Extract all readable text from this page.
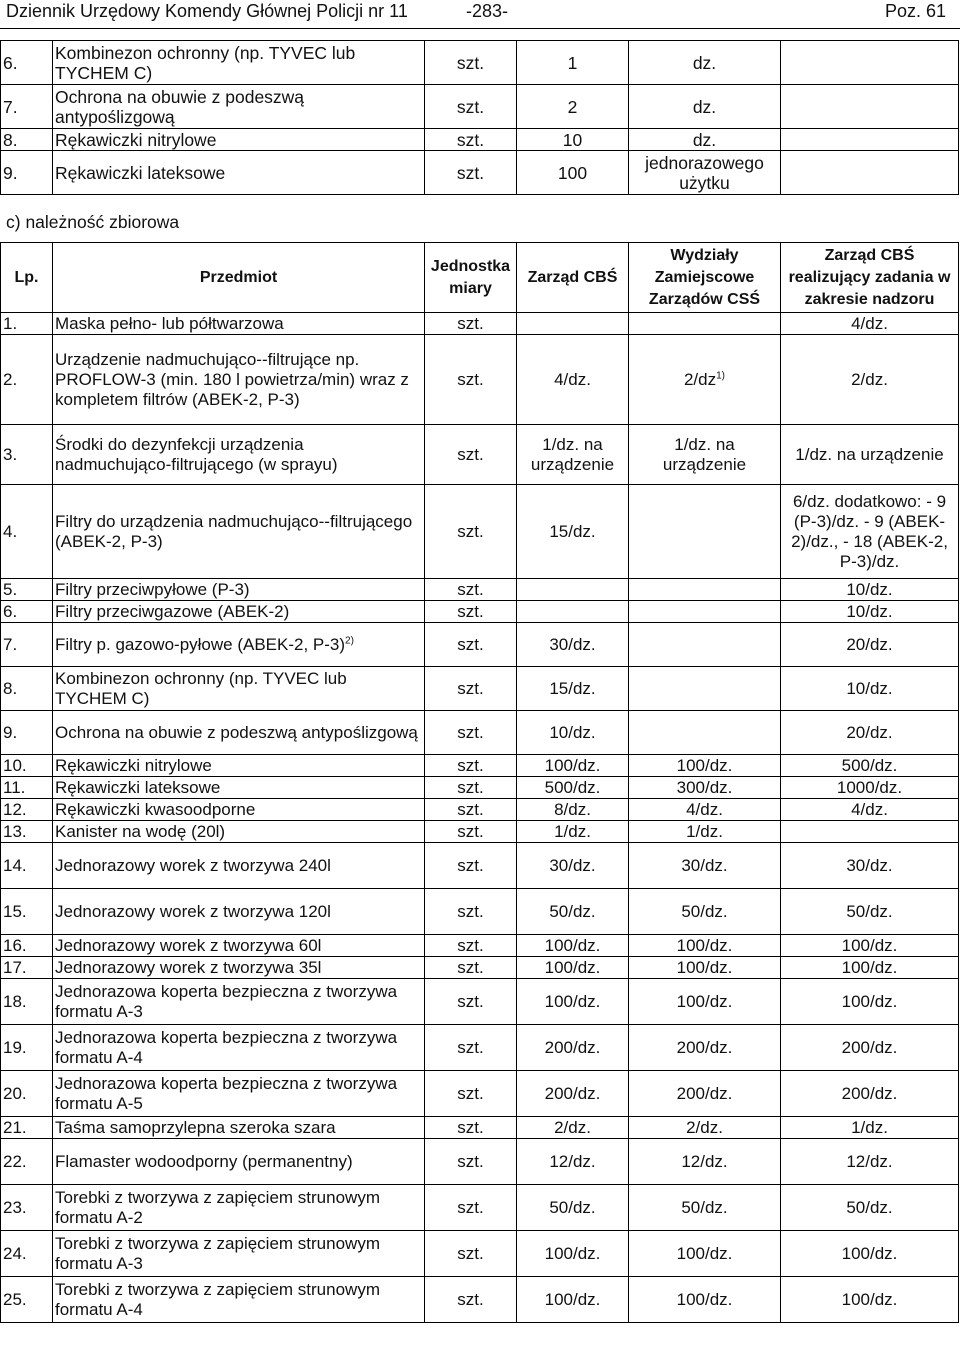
Dziennik Urzędowy Komendy Głównej Policji nr 11	-283-	Poz. 61
6.	Kombinezon ochronny (np. TYVEC lub TYCHEM C)	szt.	1	dz.	
7.	Ochrona na obuwie z podeszwą antypoślizgową	szt.	2	dz.	
8.	Rękawiczki nitrylowe	szt.	10	dz.	
9.	Rękawiczki lateksowe	szt.	100	jednorazowego użytku	
c) należność zbiorowa
Lp.	Przedmiot	Jednostka miary	Zarząd CBŚ	Wydziały Zamiejscowe Zarządów CSŚ	Zarząd CBŚ realizujący zadania w zakresie nadzoru
1.	Maska pełno- lub półtwarzowa	szt.			4/dz.
2.	Urządzenie nadmuchująco--filtrujące np. PROFLOW-3 (min. 180 l powietrza/min) wraz z kompletem filtrów (ABEK-2, P-3)	szt.	4/dz.	$2/dz^{1)}$	2/dz.
3.	Środki do dezynfekcji urządzenia nadmuchująco-filtrującego (w sprayu)	szt.	1/dz. na urządzenie	1/dz. na urządzenie	1/dz. na urządzenie
4.	Filtry do urządzenia nadmuchująco--filtrującego (ABEK-2, P-3)	szt.	15/dz.		6/dz. dodatkowo: - 9 (P-3)/dz. - 9 (ABEK-2)/dz., - 18 (ABEK-2, P-3)/dz.
5.	Filtry przeciwpyłowe (P-3)	szt.			10/dz.
6.	Filtry przeciwgazowe (ABEK-2)	szt.			10/dz.
7.	Filtry p. gazowo-pyłowe (ABEK-2, P-3)$^{2)}$	szt.	30/dz.		20/dz.
8.	Kombinezon ochronny (np. TYVEC lub TYCHEM C)	szt.	15/dz.		10/dz.
9.	Ochrona na obuwie z podeszwą antypoślizgową	szt.	10/dz.		20/dz.
10.	Rękawiczki nitrylowe	szt.	100/dz.	100/dz.	500/dz.
11.	Rękawiczki lateksowe	szt.	500/dz.	300/dz.	1000/dz.
12.	Rękawiczki kwasoodporne	szt.	8/dz.	4/dz.	4/dz.
13.	Kanister na wodę (20l)	szt.	1/dz.	1/dz.	
14.	Jednorazowy worek z tworzywa 240l	szt.	30/dz.	30/dz.	30/dz.
15.	Jednorazowy worek z tworzywa 120l	szt.	50/dz.	50/dz.	50/dz.
16.	Jednorazowy worek z tworzywa 60l	szt.	100/dz.	100/dz.	100/dz.
17.	Jednorazowy worek z tworzywa 35l	szt.	100/dz.	100/dz.	100/dz.
18.	Jednorazowa koperta bezpieczna z tworzywa formatu A-3	szt.	100/dz.	100/dz.	100/dz.
19.	Jednorazowa koperta bezpieczna z tworzywa formatu A-4	szt.	200/dz.	200/dz.	200/dz.
20.	Jednorazowa koperta bezpieczna z tworzywa formatu A-5	szt.	200/dz.	200/dz.	200/dz.
21.	Taśma samoprzylepna szeroka szara	szt.	2/dz.	2/dz.	1/dz.
22.	Flamaster wodoodporny (permanentny)	szt.	12/dz.	12/dz.	12/dz.
23.	Torebki z tworzywa z zapięciem strunowym formatu A-2	szt.	50/dz.	50/dz.	50/dz.
24.	Torebki z tworzywa z zapięciem strunowym formatu A-3	szt.	100/dz.	100/dz.	100/dz.
25.	Torebki z tworzywa z zapięciem strunowym formatu A-4	szt.	100/dz.	100/dz.	100/dz.
